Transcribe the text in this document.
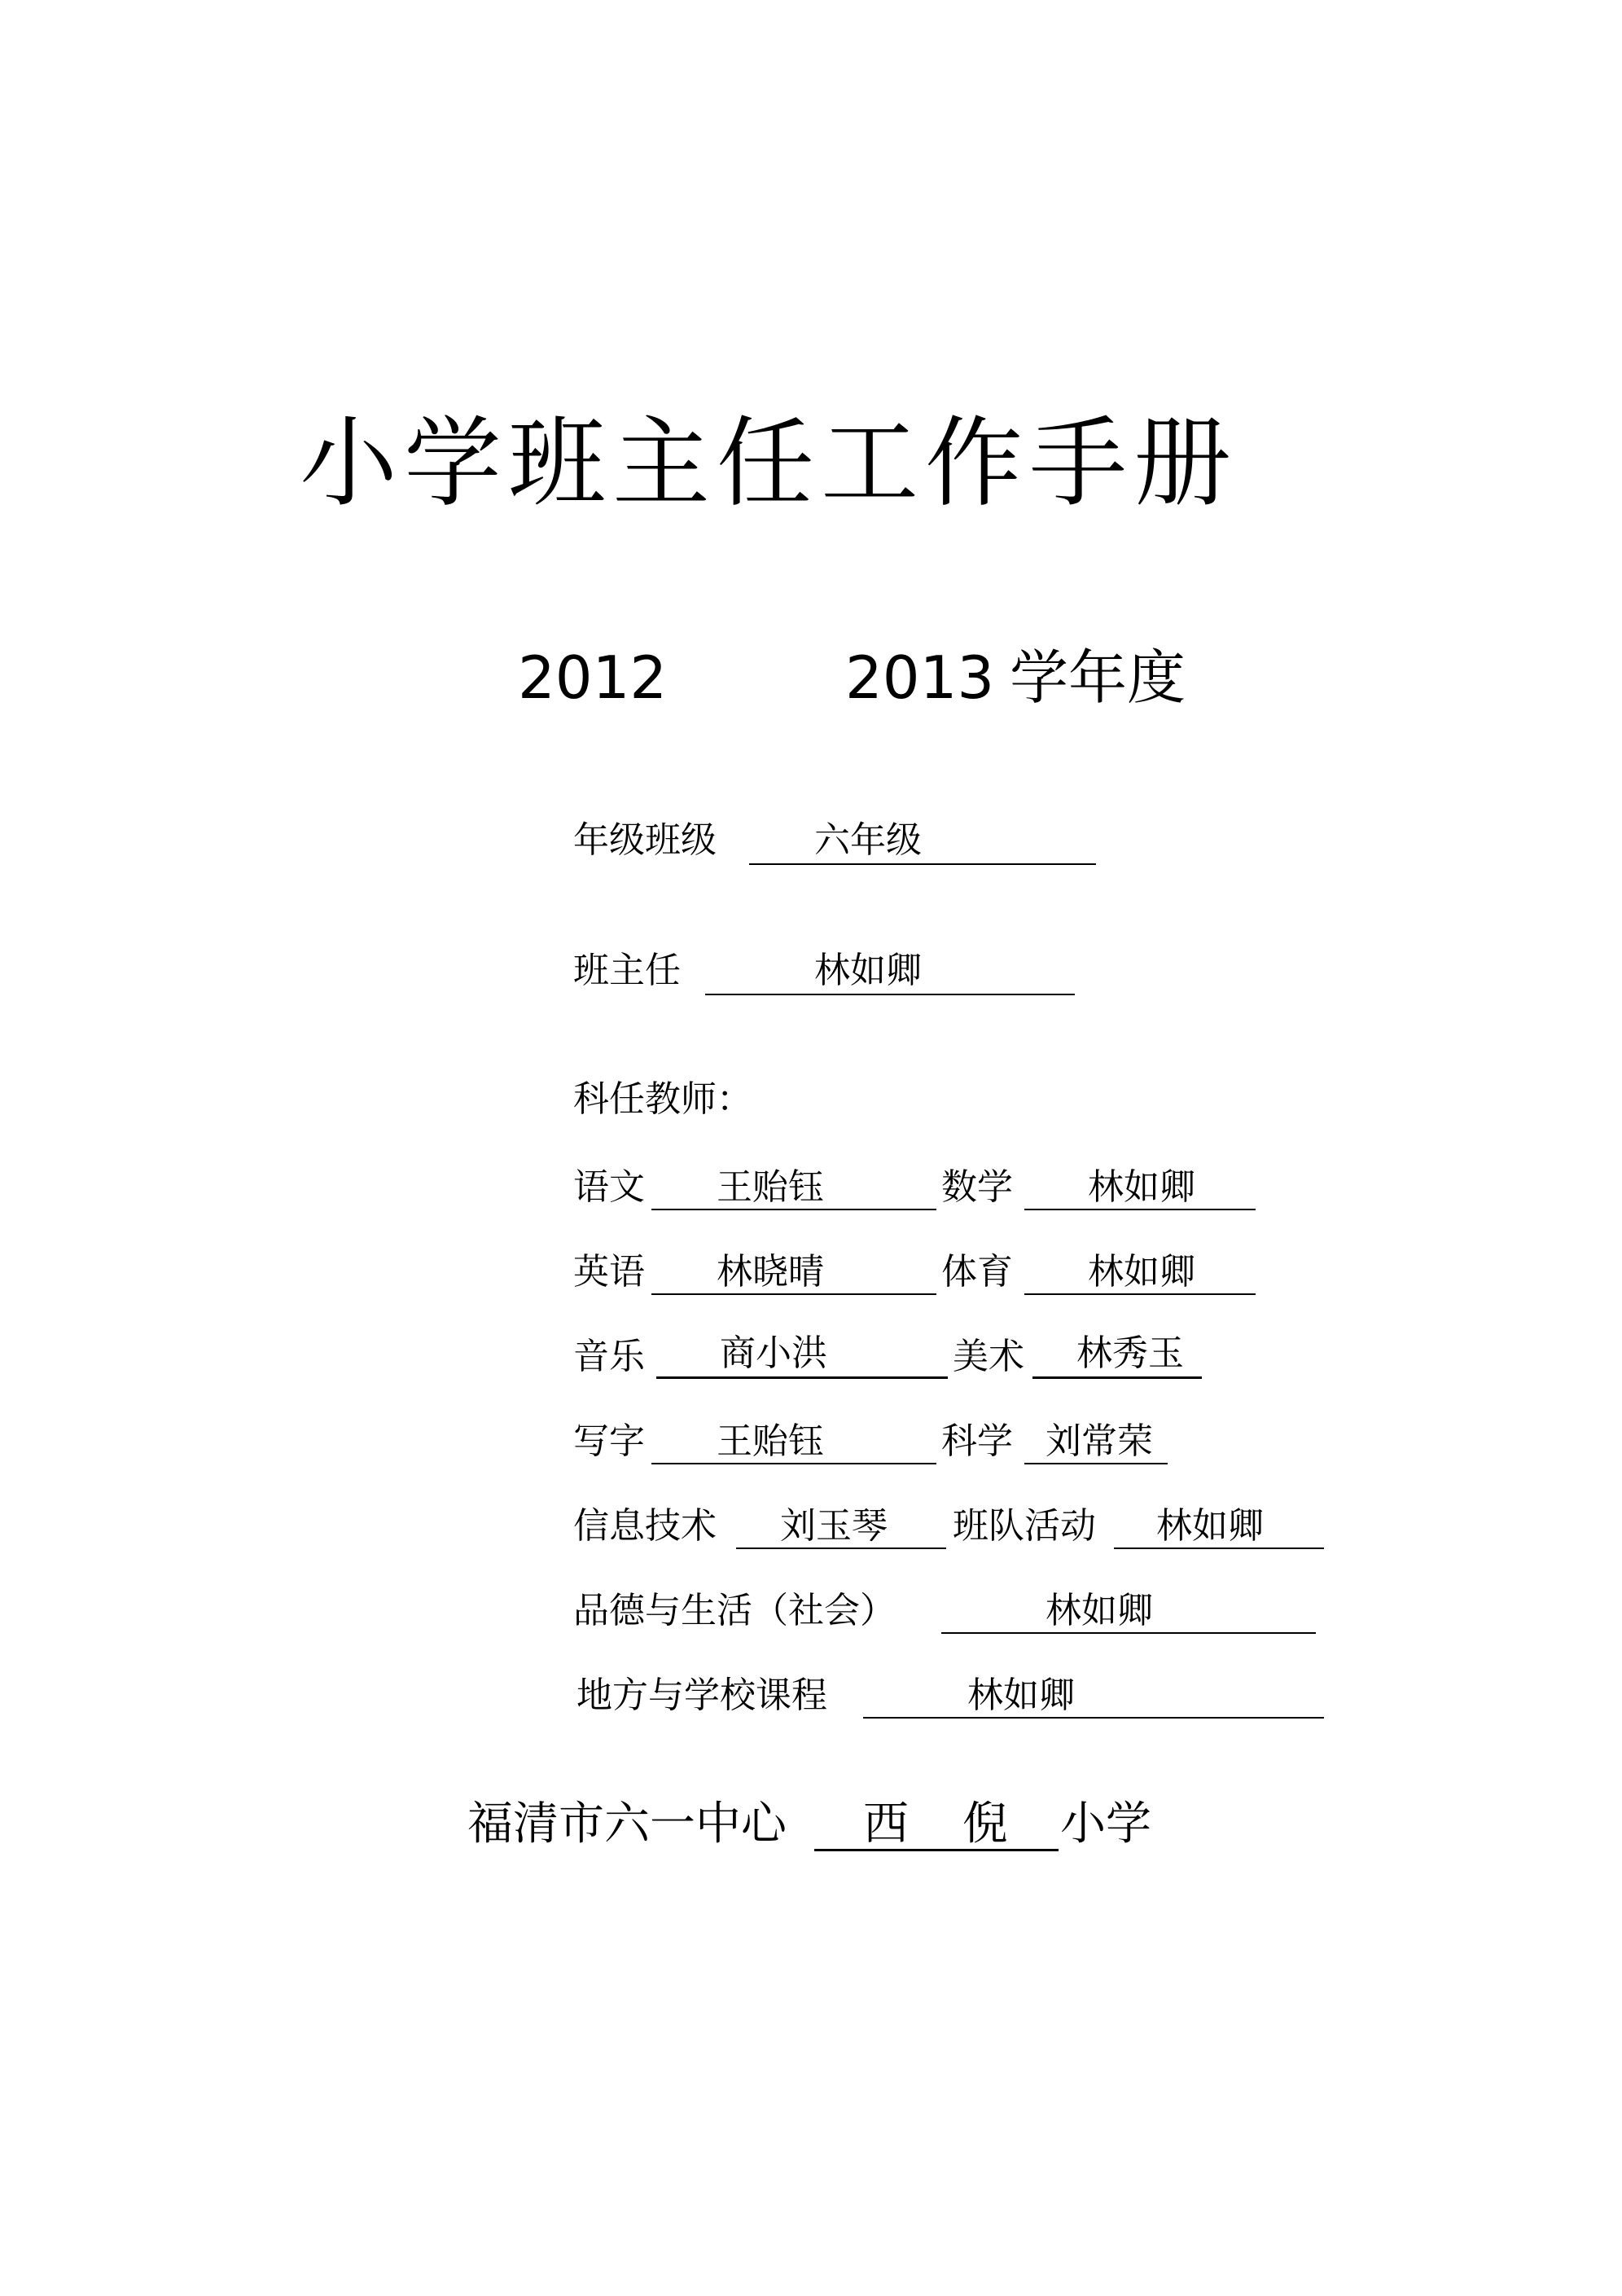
小学班主任工作手册
2012	2013 学年度
年级班级	六年级
班主任	林如卿
科任教师：
语文 王贻钰	数学 林如卿
英语 林晓晴	体育 林如卿
音乐 商小洪	美术 林秀玉
写字 王贻钰	科学 刘常荣
信息技术 刘玉琴 班队活动 林如卿
品德与生活（社会）	林如卿
地方与学校课程	林如卿
福清市六一中心 西 倪 小学
